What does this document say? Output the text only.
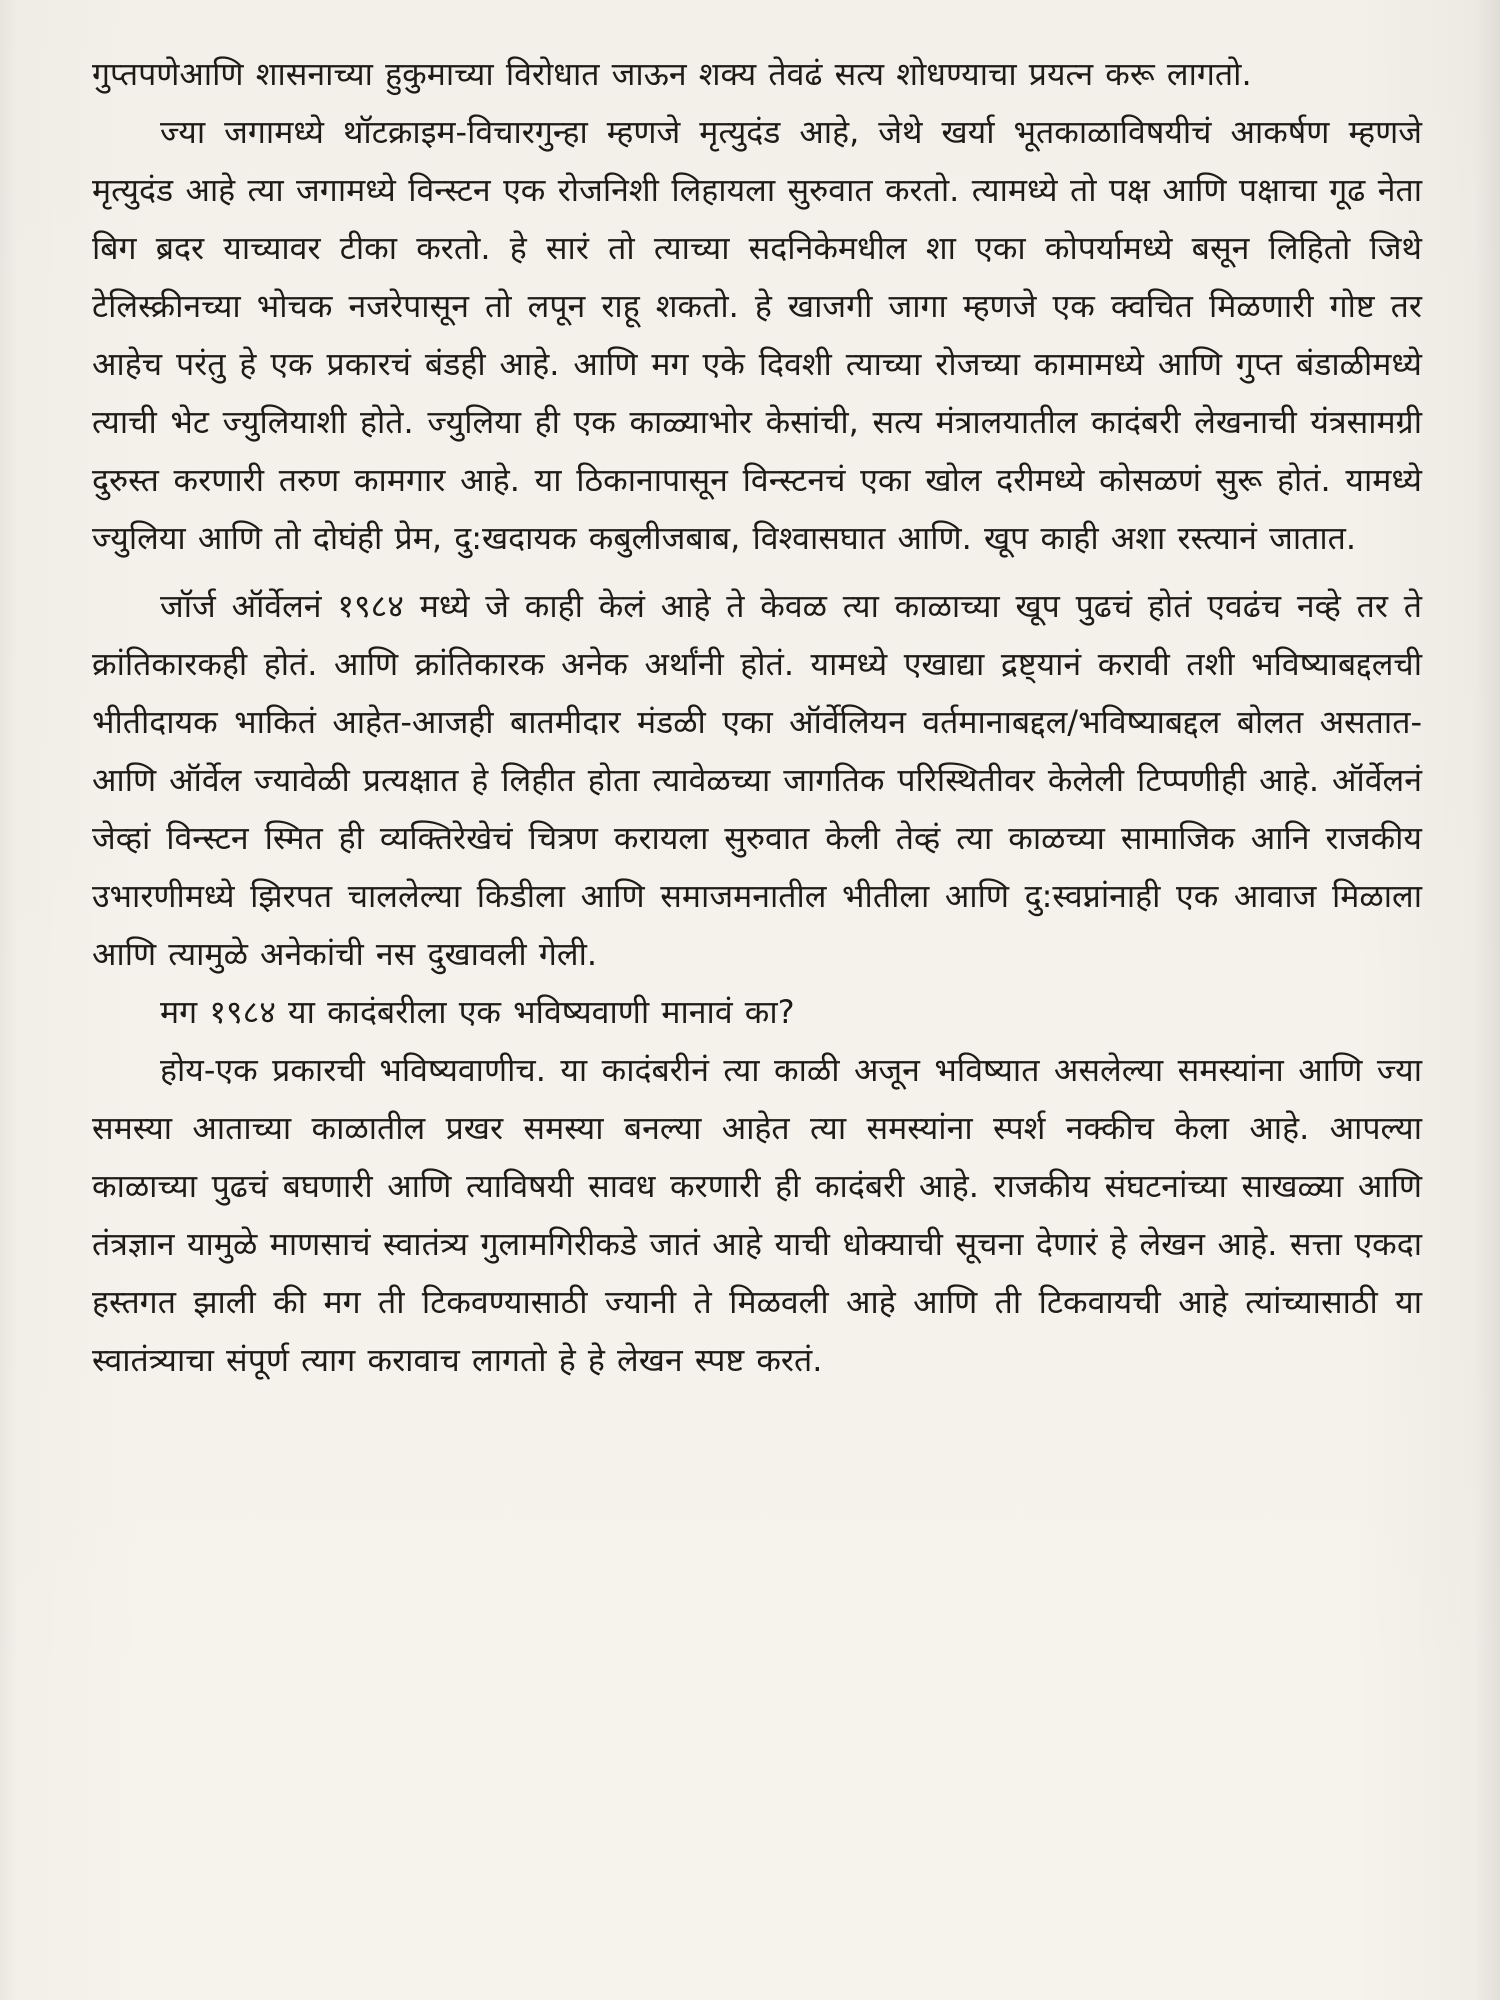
गुप्तपणेआणि शासनाच्या हुकुमाच्या विरोधात जाऊन शक्य तेवढं सत्य शोधण्याचा प्रयत्न करू लागतो.

ज्या जगामध्ये थॉटक्राइम-विचारगुन्हा म्हणजे मृत्युदंड आहे, जेथे खर्या भूतकाळाविषयीचं आकर्षण म्हणजे मृत्युदंड आहे त्या जगामध्ये विन्स्टन एक रोजनिशी लिहायला सुरुवात करतो. त्यामध्ये तो पक्ष आणि पक्षाचा गूढ नेता बिग ब्रदर याच्यावर टीका करतो. हे सारं तो त्याच्या सदनिकेमधील शा एका कोपर्यामध्ये बसून लिहितो जिथे टेलिस्क्रीनच्या भोचक नजरेपासून तो लपून राहू शकतो. हे खाजगी जागा म्हणजे एक क्वचित मिळणारी गोष्ट तर आहेच परंतु हे एक प्रकारचं बंडही आहे. आणि मग एके दिवशी त्याच्या रोजच्या कामामध्ये आणि गुप्त बंडाळीमध्ये त्याची भेट ज्युलियाशी होते. ज्युलिया ही एक काळ्याभोर केसांची, सत्य मंत्रालयातील कादंबरी लेखनाची यंत्रसामग्री दुरुस्त करणारी तरुण कामगार आहे. या ठिकानापासून विन्स्टनचं एका खोल दरीमध्ये कोसळणं सुरू होतं. यामध्ये ज्युलिया आणि तो दोघंही प्रेम, दु:खदायक कबुलीजबाब, विश्वासघात आणि. खूप काही अशा रस्त्यानं जातात.

जॉर्ज ऑर्वेलनं १९८४ मध्ये जे काही केलं आहे ते केवळ त्या काळाच्या खूप पुढचं होतं एवढंच नव्हे तर ते क्रांतिकारकही होतं. आणि क्रांतिकारक अनेक अर्थांनी होतं. यामध्ये एखाद्या द्रष्ट्यानं करावी तशी भविष्याबद्दलची भीतीदायक भाकितं आहेत-आजही बातमीदार मंडळी एका ऑर्वेलियन वर्तमानाबद्दल/भविष्याबद्दल बोलत असतात-आणि ऑर्वेल ज्यावेळी प्रत्यक्षात हे लिहीत होता त्यावेळच्या जागतिक परिस्थितीवर केलेली टिप्पणीही आहे. ऑर्वेलनं जेव्हां विन्स्टन स्मित ही व्यक्तिरेखेचं चित्रण करायला सुरुवात केली तेव्हं त्या काळच्या सामाजिक आनि राजकीय उभारणीमध्ये झिरपत चाललेल्या किडीला आणि समाजमनातील भीतीला आणि दु:स्वप्नांनाही एक आवाज मिळाला आणि त्यामुळे अनेकांची नस दुखावली गेली.

मग १९८४ या कादंबरीला एक भविष्यवाणी मानावं का?

होय-एक प्रकारची भविष्यवाणीच. या कादंबरीनं त्या काळी अजून भविष्यात असलेल्या समस्यांना आणि ज्या समस्या आताच्या काळातील प्रखर समस्या बनल्या आहेत त्या समस्यांना स्पर्श नक्कीच केला आहे. आपल्या काळाच्या पुढचं बघणारी आणि त्याविषयी सावध करणारी ही कादंबरी आहे. राजकीय संघटनांच्या साखळ्या आणि तंत्रज्ञान यामुळे माणसाचं स्वातंत्र्य गुलामगिरीकडे जातं आहे याची धोक्याची सूचना देणारं हे लेखन आहे. सत्ता एकदा हस्तगत झाली की मग ती टिकवण्यासाठी ज्यानी ते मिळवली आहे आणि ती टिकवायची आहे त्यांच्यासाठी या स्वातंत्र्याचा संपूर्ण त्याग करावाच लागतो हे हे लेखन स्पष्ट करतं.
